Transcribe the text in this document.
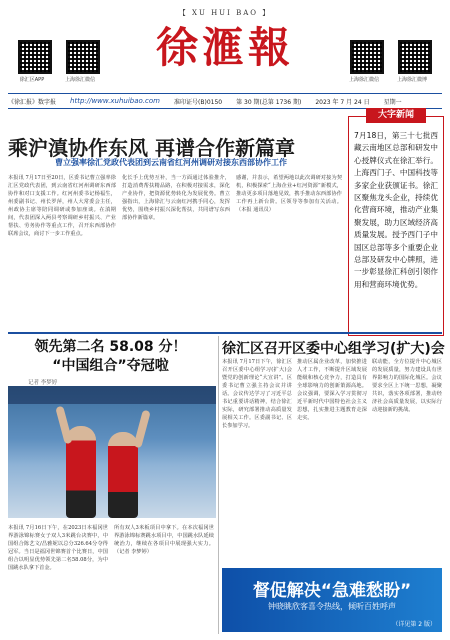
【 XU HUI BAO 】
徐汇区APP	上海徐汇微信
徐滙報
上海徐汇微信	上海徐汇微博
《徐汇报》数字报 http://www.xuhuibao.com 准印证号(B)0150 第 30 期(总第 1736 期) 2023 年 7 月 24 日 星期一
乘沪滇协作东风 再谱合作新篇章
曹立强率徐汇党政代表团到云南省红河州调研对接东西部协作工作
本报讯 7月17日至20日，区委书记曹立强率徐汇区党政代表团，到云南省红河州调研东西部协作和对口支援工作。红河州委书记杨福生，州委副书记、州长罗萍，州人大常委会主任，州政协主席等陪同调研或参加座谈。在滇期间，代表团深入两县考察调研乡村振兴、产业帮扶、劳务协作等重点工作，召开东西部协作联席会议，商讨下一步工作重点。
化长手上优势互补，当一方面通过体验推介，打造消费帮扶精品路，在积极对接需求，深化产业协作，把资源优势转化为发展优势。曹立强指出，上海徐汇与云南红河携手同心，发挥优势，围绕乡村振兴深化帮扶，共同谱写东西部协作新篇章。
感谢，并表示，希望两地以此次调研对接为契机，积极探索“上海企业+红河资源”新模式，推动更多项目落地见效，携手推动东西部协作工作再上新台阶。区领导等参加有关活动。（本报 通讯员）
大字新闻
7月18日，第三十七批西藏云南地区总部和研发中心授牌仪式在徐汇举行。上海西门子、中国科技等多家企业获颁证书。徐汇区聚焦龙头企业，持续优化营商环境，推动产业集聚发展，助力区域经济高质量发展。授予西门子中国区总部等多个重要企业总部及研发中心牌照，进一步彰显徐汇科创引领作用和营商环境优势。
领先第二名 58.08 分！
“中国组合”夺冠啦
记者 李梦婷
本报讯 7月16日下午，在2023日本福冈世界游泳锦标赛女子双人3米跳台决赛中，中国组合陈艺文/昌雅妮以总分326.64分夺得冠军。当日是福冈世锦赛首个比赛日，中国组合以明显优势领先第二名58.08分，为中国跳水队拿下首金。
所有双人3米板项目中拿下。在本次福冈世界游泳锦标赛跳水项目中，中国跳水队延续统治力，继续在各项目中展现强大实力。（记者 李梦婷）
徐汇区召开区委中心组学习(扩大)会
本报讯 7月17日下午，徐汇区召开区委中心组学习(扩大)会暨党的创新理论“大宣讲”。区委书记曹立强主持会议并讲话。会议传达学习了习近平总书记重要讲话精神，结合徐汇实际，研究部署推动高质量发展相关工作。区委副书记、区长参加学习。
推动区属企业改革，加快推进人才工作，不断提升区域发展能级和核心竞争力，打造具有全球影响力的创新策源高地。会议强调，要深入学习贯彻习近平新时代中国特色社会主义思想，扎实推进主题教育走深走实。
联动能，全方位提升中心城区的发展质量，努力建设具有世界影响力的国际化城区。会议要求全区上下统一思想，凝聚共识，落实各项部署，推动经济社会高质量发展，以实际行动迎接新的挑战。
督促解决“急难愁盼”
钟晓眺欣客喜令热线，倾听百姓呼声
（详见第 2 版）
